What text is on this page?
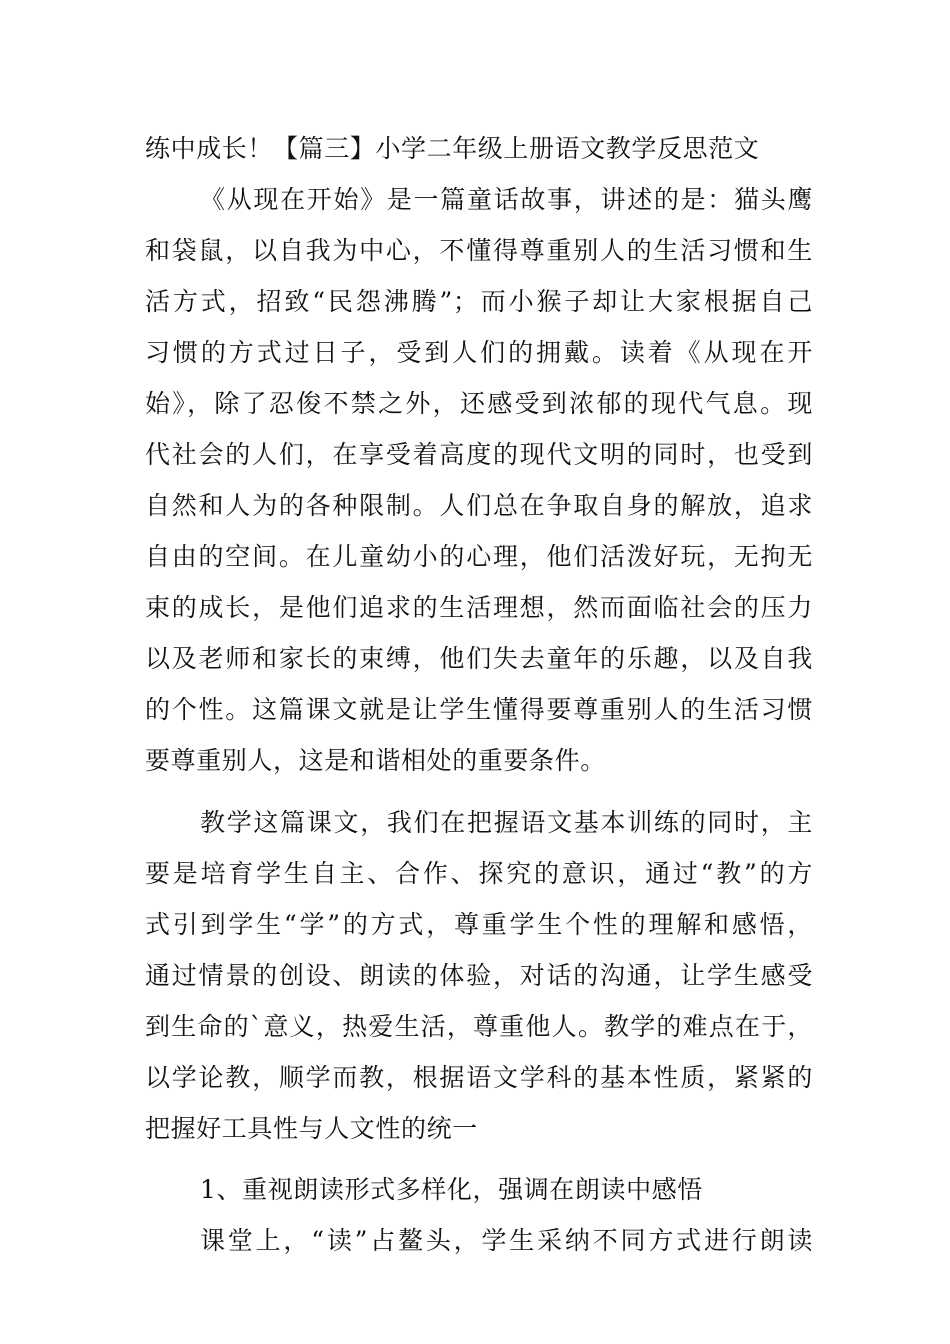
练中成长！【篇三】小学二年级上册语文教学反思范文
《从现在开始》是一篇童话故事，讲述的是：猫头鹰
和袋鼠，以自我为中心，不懂得尊重别人的生活习惯和生
活方式，招致“民怨沸腾”；而小猴子却让大家根据自己
习惯的方式过日子，受到人们的拥戴。读着《从现在开
始》，除了忍俊不禁之外，还感受到浓郁的现代气息。现
代社会的人们，在享受着高度的现代文明的同时，也受到
自然和人为的各种限制。人们总在争取自身的解放，追求
自由的空间。在儿童幼小的心理，他们活泼好玩，无拘无
束的成长，是他们追求的生活理想，然而面临社会的压力
以及老师和家长的束缚，他们失去童年的乐趣，以及自我
的个性。这篇课文就是让学生懂得要尊重别人的生活习惯
要尊重别人，这是和谐相处的重要条件。
教学这篇课文，我们在把握语文基本训练的同时，主
要是培育学生自主、合作、探究的意识，通过“教”的方
式引到学生“学”的方式，尊重学生个性的理解和感悟，
通过情景的创设、朗读的体验，对话的沟通，让学生感受
到生命的`意义，热爱生活，尊重他人。教学的难点在于，
以学论教，顺学而教，根据语文学科的基本性质，紧紧的
把握好工具性与人文性的统一
1、重视朗读形式多样化，强调在朗读中感悟
课堂上，“读”占鳌头，学生采纳不同方式进行朗读
